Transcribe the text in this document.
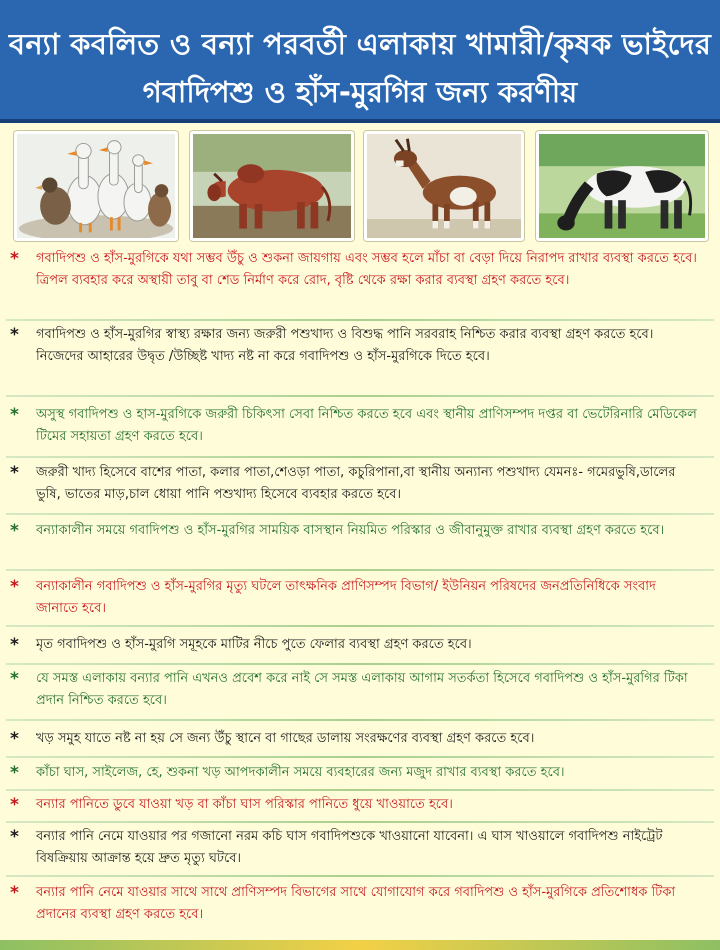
বন্যা কবলিত ও বন্যা পরবর্তী এলাকায় খামারী/কৃষক ভাইদের
গবাদিপশু ও হাঁস-মুরগির জন্য করণীয়
*	গবাদিপশু ও হাঁস-মুরগিকে যথা সম্ভব উঁচু ও শুকনা জায়গায় এবং সম্ভব হলে মাঁচা বা বেড়া দিয়ে নিরাপদ রাখার ব্যবস্থা করতে হবে। ত্রিপল ব্যবহার করে অস্থায়ী তাবু বা শেড নির্মাণ করে রোদ, বৃষ্টি থেকে রক্ষা করার ব্যবস্থা গ্রহণ করতে হবে।
*	গবাদিপশু ও হাঁস-মুরগির স্বাস্থ্য রক্ষার জন্য জরুরী পশুখাদ্য ও বিশুদ্ধ পানি সরবরাহ নিশ্চিত করার ব্যবস্থা গ্রহণ করতে হবে। নিজেদের আহারের উদ্বৃত /উচ্ছিষ্ট খাদ্য নষ্ট না করে গবাদিপশু ও হাঁস-মুরগিকে দিতে হবে।
*	অসুস্থ গবাদিপশু ও হাস-মুরগিকে জরুরী চিকিৎসা সেবা নিশ্চিত করতে হবে এবং স্থানীয় প্রাণিসম্পদ দপ্তর বা ভেটেরিনারি মেডিকেল টিমের সহায়তা গ্রহণ করতে হবে।
*	জরুরী খাদ্য হিসেবে বাশের পাতা, কলার পাতা,শেওড়া পাতা, কচুরিপানা,বা স্থানীয় অন্যান্য পশুখাদ্য যেমনঃ- গমেরভুষি,ডালের ভুষি, ভাতের মাড়,চাল ধোয়া পানি পশুখাদ্য হিসেবে ব্যবহার করতে হবে।
*	বন্যাকালীন সময়ে গবাদিপশু ও হাঁস-মুরগির সাময়িক বাসস্থান নিয়মিত পরিস্কার ও জীবানুমুক্ত রাখার ব্যবস্থা গ্রহণ করতে হবে।
*	বন্যাকালীন গবাদিপশু ও হাঁস-মুরগির মৃত্যু ঘটলে তাৎক্ষনিক প্রাণিসম্পদ বিভাগ/ ইউনিয়ন পরিষদের জনপ্রতিনিধিকে সংবাদ জানাতে হবে।
*	মৃত গবাদিপশু ও হাঁস-মুরগি সমূহকে মাটির নীচে পুতে ফেলার ব্যবস্থা গ্রহণ করতে হবে।
*	যে সমস্ত এলাকায় বন্যার পানি এখনও প্রবেশ করে নাই সে সমস্ত এলাকায় আগাম সতর্কতা হিসেবে গবাদিপশু ও হাঁস-মুরগির টিকা প্রদান নিশ্চিত করতে হবে।
*	খড় সমুহ যাতে নষ্ট না হয় সে জন্য উঁচু স্থানে বা গাছের ডালায় সংরক্ষণের ব্যবস্থা গ্রহণ করতে হবে।
*	কাঁচা ঘাস, সাইলেজ, হে, শুকনা খড় আপদকালীন সময়ে ব্যবহারের জন্য মজুদ রাখার ব্যবস্থা করতে হবে।
*	বন্যার পানিতে ডুবে যাওয়া খড় বা কাঁচা ঘাস পরিস্কার পানিতে ধুয়ে খাওয়াতে হবে।
*	বন্যার পানি নেমে যাওয়ার পর গজানো নরম কচি ঘাস গবাদিপশুকে খাওয়ানো যাবেনা। এ ঘাস খাওয়ালে গবাদিপশু নাইট্রেট বিষক্রিয়ায় আক্রান্ত হয়ে দ্রুত মৃত্যু ঘটবে।
*	বন্যার পানি নেমে যাওয়ার সাথে সাথে প্রাণিসম্পদ বিভাগের সাথে যোগাযোগ করে গবাদিপশু ও হাঁস-মুরগিকে প্রতিশোধক টিকা প্রদানের ব্যবস্থা গ্রহণ করতে হবে।
